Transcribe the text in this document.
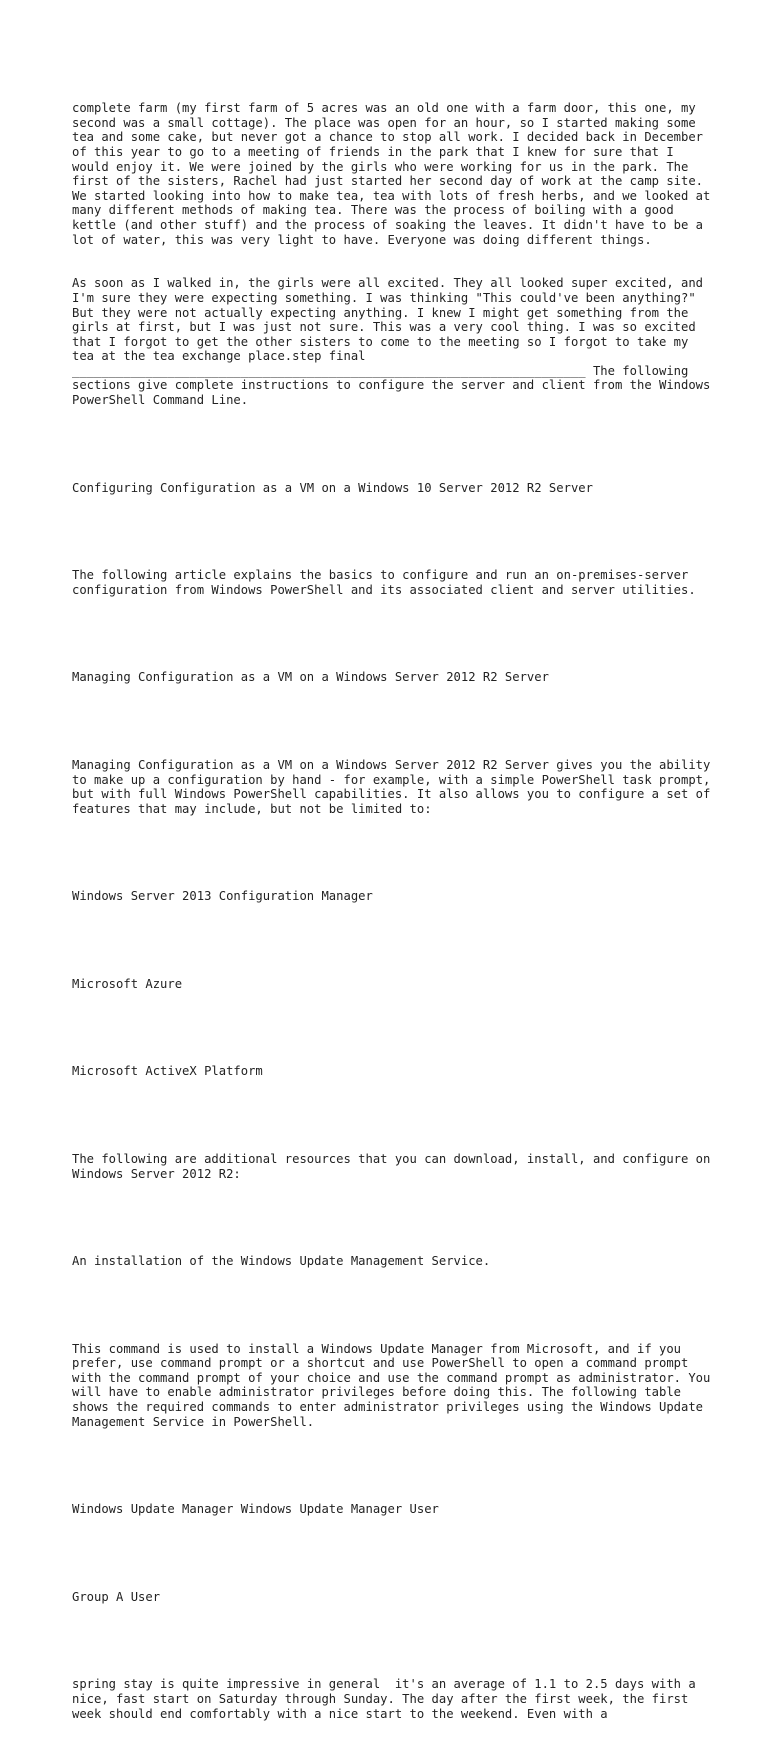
complete farm (my first farm of 5 acres was an old one with a farm door, this one, my second was a small cottage). The place was open for an hour, so I started making some tea and some cake, but never got a chance to stop all work. I decided back in December of this year to go to a meeting of friends in the park that I knew for sure that I would enjoy it. We were joined by the girls who were working for us in the park. The first of the sisters, Rachel had just started her second day of work at the camp site. We started looking into how to make tea, tea with lots of fresh herbs, and we looked at many different methods of making tea. There was the process of boiling with a good kettle (and other stuff) and the process of soaking the leaves. It didn't have to be a lot of water, this was very light to have. Everyone was doing different things.

As soon as I walked in, the girls were all excited. They all looked super excited, and I'm sure they were expecting something. I was thinking "This could've been anything?" But they were not actually expecting anything. I knew I might get something from the girls at first, but I was just not sure. This was a very cool thing. I was so excited that I forgot to get the other sisters to come to the meeting so I forgot to take my tea at the tea exchange place.step final ______________________________________________________________________ The following sections give complete instructions to configure the server and client from the Windows PowerShell Command Line.

Configuring Configuration as a VM on a Windows 10 Server 2012 R2 Server

The following article explains the basics to configure and run an on-premises-server configuration from Windows PowerShell and its associated client and server utilities.

Managing Configuration as a VM on a Windows Server 2012 R2 Server

Managing Configuration as a VM on a Windows Server 2012 R2 Server gives you the ability to make up a configuration by hand - for example, with a simple PowerShell task prompt, but with full Windows PowerShell capabilities. It also allows you to configure a set of features that may include, but not be limited to:

Windows Server 2013 Configuration Manager

Microsoft Azure

Microsoft ActiveX Platform

The following are additional resources that you can download, install, and configure on Windows Server 2012 R2:

An installation of the Windows Update Management Service.

This command is used to install a Windows Update Manager from Microsoft, and if you prefer, use command prompt or a shortcut and use PowerShell to open a command prompt with the command prompt of your choice and use the command prompt as administrator. You will have to enable administrator privileges before doing this. The following table shows the required commands to enter administrator privileges using the Windows Update Management Service in PowerShell.

Windows Update Manager Windows Update Manager User

Group A User

spring stay is quite impressive in general  it's an average of 1.1 to 2.5 days with a nice, fast start on Saturday through Sunday. The day after the first week, the first week should end comfortably with a nice start to the weekend. Even with a
